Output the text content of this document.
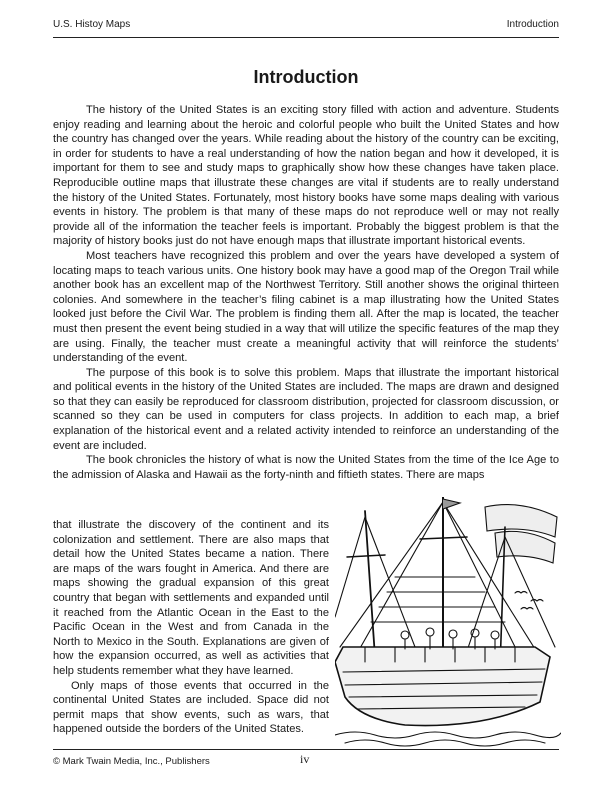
U.S. Histoy Maps	Introduction
Introduction

The history of the United States is an exciting story filled with action and adventure. Students enjoy reading and learning about the heroic and colorful people who built the United States and how the country has changed over the years. While reading about the history of the country can be exciting, in order for students to have a real understanding of how the nation began and how it developed, it is important for them to see and study maps to graphically show how these changes have taken place. Reproducible outline maps that illustrate these changes are vital if students are to really understand the history of the United States. Fortunately, most history books have some maps dealing with various events in history. The problem is that many of these maps do not reproduce well or may not really provide all of the information the teacher feels is important. Probably the biggest problem is that the majority of history books just do not have enough maps that illustrate important historical events.

Most teachers have recognized this problem and over the years have developed a system of locating maps to teach various units. One history book may have a good map of the Oregon Trail while another book has an excellent map of the Northwest Territory. Still another shows the original thirteen colonies. And somewhere in the teacher’s filing cabinet is a map illustrating how the United States looked just before the Civil War. The problem is finding them all. After the map is located, the teacher must then present the event being studied in a way that will utilize the specific features of the map they are using. Finally, the teacher must create a meaningful activity that will reinforce the students’ understanding of the event.

The purpose of this book is to solve this problem. Maps that illustrate the important historical and political events in the history of the United States are included. The maps are drawn and designed so that they can easily be reproduced for classroom distribution, projected for classroom discussion, or scanned so they can be used in computers for class projects. In addition to each map, a brief explanation of the historical event and a related activity intended to reinforce an understanding of the event are included.

The book chronicles the history of what is now the United States from the time of the Ice Age to the admission of Alaska and Hawaii as the forty-ninth and fiftieth states. There are maps

that illustrate the discovery of the continent and its colonization and settlement. There are also maps that detail how the United States became a nation. There are maps of the wars fought in America. And there are maps showing the gradual expansion of this great country that began with settlements and expanded until it reached from the Atlantic Ocean in the East to the Pacific Ocean in the West and from Canada in the North to Mexico in the South. Explanations are given of how the expansion occurred, as well as activities that help students remember what they have learned.

Only maps of those events that occurred in the continental United States are included. Space did not permit maps that show events, such as wars, that happened outside the borders of the United States.

© Mark Twain Media, Inc., Publishers	iv
